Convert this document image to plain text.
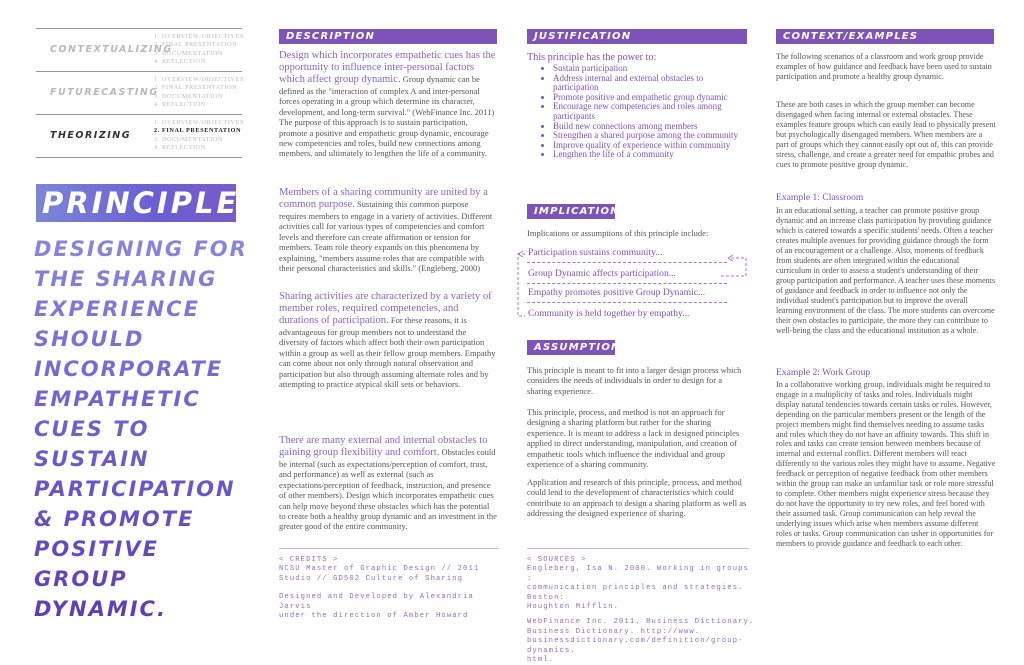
CONTEXTUALIZING
1. OVERVIEW/OBJECTIVES
2. FINAL PRESENTATION
3. DOCUMENTATION
4. REFLECTION
FUTURECASTING
1. OVERVIEW/OBJECTIVES
2. FINAL PRESENTATION
3. DOCUMENTATION
4. REFLECTION
THEORIZING
1. OVERVIEW/OBJECTIVES
2. FINAL PRESENTATION
3. DOCUMENTATION
4. REFLECTION
PRINCIPLE
DESIGNING FOR
THE SHARING
EXPERIENCE
SHOULD
INCORPORATE
EMPATHETIC
CUES TO SUSTAIN
PARTICIPATION
& PROMOTE
POSITIVE GROUP
DYNAMIC.
DESCRIPTION

Design which incorporates empathetic cues has the opportunity to influence inter-personal factors which affect group dynamic. Group dynamic can be defined as the "interaction of complex A and inter-personal forces operating in a group which determine its character, development, and long-term survival." (WebFinance Inc. 2011) The purpose of this approach is to sustain participation, promote a positive and empathetic group dynamic, encourage new competencies and roles, build new connections among members, and ultimately to lengthen the life of a community.

Members of a sharing community are united by a common purpose. Sustaining this common purpose requires members to engage in a variety of activities. Different activities call for various types of competencies and comfort levels and therefore can create affirmation or tension for members. Team role theory expands on this phenomena by explaining, "members assume roles that are compatible with their personal characteristics and skills." (Engleberg, 2000)

Sharing activities are characterized by a variety of member roles, required competencies, and durations of participation. For these reasons, it is advantageous for group members not to understand the diversity of factors which affect both their own participation within a group as well as their fellow group members. Empathy can come about not only through natural observation and participation but also through assuming alternate roles and by attempting to practice atypical skill sets or behaviors.

There are many external and internal obstacles to gaining group flexibility and comfort. Obstacles could be internal (such as expectations/perception of comfort, trust, and performance) as well as external (such as expectations/perception of feedback, instruction, and presence of other members). Design which incorporates empathetic cues can help move beyond these obstacles which has the potential to create both a healthy group dynamic and an investment in the greater good of the entire community.

< CREDITS >

NCSU Master of Graphic Design // 2011

Studio // GD502 Culture of Sharing

Designed and Developed by Alexandria Jarvis

under the direction of Amber Howard

JUSTIFICATION
This principle has the power to:
• Sustain participation
• Address internal and external obstacles to participation
• Promote positive and empathetic group dynamic
• Encourage new competencies and roles among participants
• Build new connections among members
• Strengthen a shared purpose among the community
• Improve quality of experience within community
• Lengthen the life of a community
IMPLICATIONS
Implications or assumptions of this principle include:
Participation sustains community...
Group Dynamic affects participation...
Empathy promotes positive Group Dynamic...
Community is held together by empathy...
ASSUMPTIONS

This principle is meant to fit into a larger design process which considers the needs of individuals in order to design for a sharing experience.

This principle, process, and method is not an approach for designing a sharing platform but rather for the sharing experience. It is meant to address a lack in designed principles applied to direct understanding, manipulation, and creation of empathetic tools which influence the individual and group experience of a sharing community.

Application and research of this principle, process, and method could lend to the development of characteristics which could contribute to an approach to design a sharing platform as well as addressing the designed experience of sharing.

< SOURCES >

Engleberg, Isa N. 2000. Working in groups :

communication principles and strategies. Boston:

Houghton Mifflin.

WebFinance Inc. 2011. Business Dictionary.

Business Dictionary. http://www.

businessdictionary.com/definition/group-dynamics.

html.

CONTEXT/EXAMPLES

The following scenarios of a classroom and work group provide examples of how guidance and feedback have been used to sustain participation and promote a healthy group dynamic.

These are both cases in which the group member can become disengaged when facing internal or external obstacles. These examples feature groups which can easily lead to physically present but psychologically disengaged members. When members are a part of groups which they cannot easily opt out of, this can provide stress, challenge, and create a greater need for empathic probes and cues to promote positive group dynamic.

Example 1: Classroom

In an educational setting, a teacher can promote positive group dynamic and an increase class participation by providing guidance which is catered towards a specific students' needs. Often a teacher creates multiple avenues for providing guidance through the form of an encouragement or a challenge. Also, moments of feedback from students are often integrated within the educational curriculum in order to assess a student's understanding of their group participation and performance. A teacher uses these moments of guidance and feedback in order to influence not only the individual student's participation but to improve the overall learning environment of the class. The more students can overcome their own obstacles to participate, the more they can contribute to well-being the class and the educational institution as a whole.

Example 2: Work Group

In a collaborative working group, individuals might be required to engage in a multiplicity of tasks and roles. Individuals might display natural tendencies towards certain tasks or roles. However, depending on the particular members present or the length of the project members might find themselves needing to assume tasks and roles which they do not have an affinity towards. This shift in roles and tasks can create tension between members because of internal and external conflict. Different members will react differently to the various roles they might have to assume. Negative feedback or perception of negative feedback from other members within the group can make an unfamiliar task or role more stressful to complete. Other members might experience stress because they do not have the opportunity to try new roles, and feel bored with their assumed task. Group communication can help reveal the underlying issues which arise when members assume different roles or tasks. Group communication can usher in opportunities for members to provide guidance and feedback to each other.
